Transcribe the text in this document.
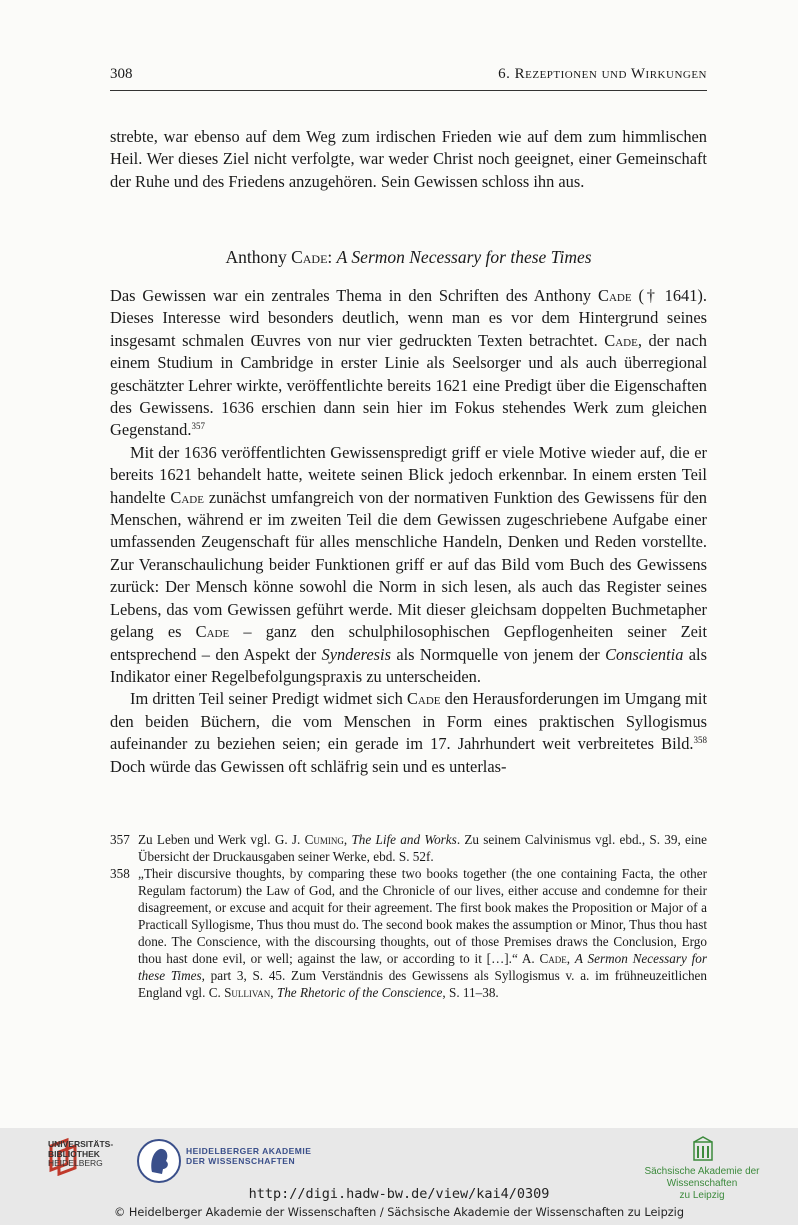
308	6. Rezeptionen und Wirkungen

strebte, war ebenso auf dem Weg zum irdischen Frieden wie auf dem zum himmlischen Heil. Wer dieses Ziel nicht verfolgte, war weder Christ noch geeignet, einer Gemeinschaft der Ruhe und des Friedens anzugehören. Sein Gewissen schloss ihn aus.

Anthony Cade: A Sermon Necessary for these Times

Das Gewissen war ein zentrales Thema in den Schriften des Anthony Cade († 1641). Dieses Interesse wird besonders deutlich, wenn man es vor dem Hintergrund seines insgesamt schmalen Œuvres von nur vier gedruckten Texten betrachtet. Cade, der nach einem Studium in Cambridge in erster Linie als Seelsorger und als auch überregional geschätzter Lehrer wirkte, veröffentlichte bereits 1621 eine Predigt über die Eigenschaften des Gewissens. 1636 erschien dann sein hier im Fokus stehendes Werk zum gleichen Gegenstand.$^{357}$

Mit der 1636 veröffentlichten Gewissenspredigt griff er viele Motive wieder auf, die er bereits 1621 behandelt hatte, weitete seinen Blick jedoch erkennbar. In einem ersten Teil handelte Cade zunächst umfangreich von der normativen Funktion des Gewissens für den Menschen, während er im zweiten Teil die dem Gewissen zugeschriebene Aufgabe einer umfassenden Zeugenschaft für alles menschliche Handeln, Denken und Reden vorstellte. Zur Veranschaulichung beider Funktionen griff er auf das Bild vom Buch des Gewissens zurück: Der Mensch könne sowohl die Norm in sich lesen, als auch das Register seines Lebens, das vom Gewissen geführt werde. Mit dieser gleichsam doppelten Buchmetapher gelang es Cade – ganz den schulphilosophischen Gepflogenheiten seiner Zeit entsprechend – den Aspekt der Synderesis als Normquelle von jenem der Conscientia als Indikator einer Regelbefolgungspraxis zu unterscheiden.

Im dritten Teil seiner Predigt widmet sich Cade den Herausforderungen im Umgang mit den beiden Büchern, die vom Menschen in Form eines praktischen Syllogismus aufeinander zu beziehen seien; ein gerade im 17. Jahrhundert weit verbreitetes Bild.$^{358}$ Doch würde das Gewissen oft schläfrig sein und es unterlas-

357 Zu Leben und Werk vgl. G. J. Cuming, The Life and Works. Zu seinem Calvinismus vgl. ebd., S. 39, eine Übersicht der Druckausgaben seiner Werke, ebd. S. 52f.
358 „Their discursive thoughts, by comparing these two books together (the one containing Facta, the other Regulam factorum) the Law of God, and the Chronicle of our lives, either accuse and condemne for their disagreement, or excuse and acquit for their agreement. The first book makes the Proposition or Major of a Practicall Syllogisme, Thus thou must do. The second book makes the assumption or Minor, Thus thou hast done. The Conscience, with the discoursing thoughts, out of those Premises draws the Conclusion, Ergo thou hast done evil, or well; against the law, or according to it […].“ A. Cade, A Sermon Necessary for these Times, part 3, S. 45. Zum Verständnis des Gewissens als Syllogismus v. a. im frühneuzeitlichen England vgl. C. Sullivan, The Rhetoric of the Conscience, S. 11–38.
UNIVERSITÄTS-
BIBLIOTHEK
HEIDELBERG
HEIDELBERGER AKADEMIE
DER WISSENSCHAFTEN
Sächsische Akademie der Wissenschaften
zu Leipzig
http://digi.hadw-bw.de/view/kai4/0309
© Heidelberger Akademie der Wissenschaften / Sächsische Akademie der Wissenschaften zu Leipzig
